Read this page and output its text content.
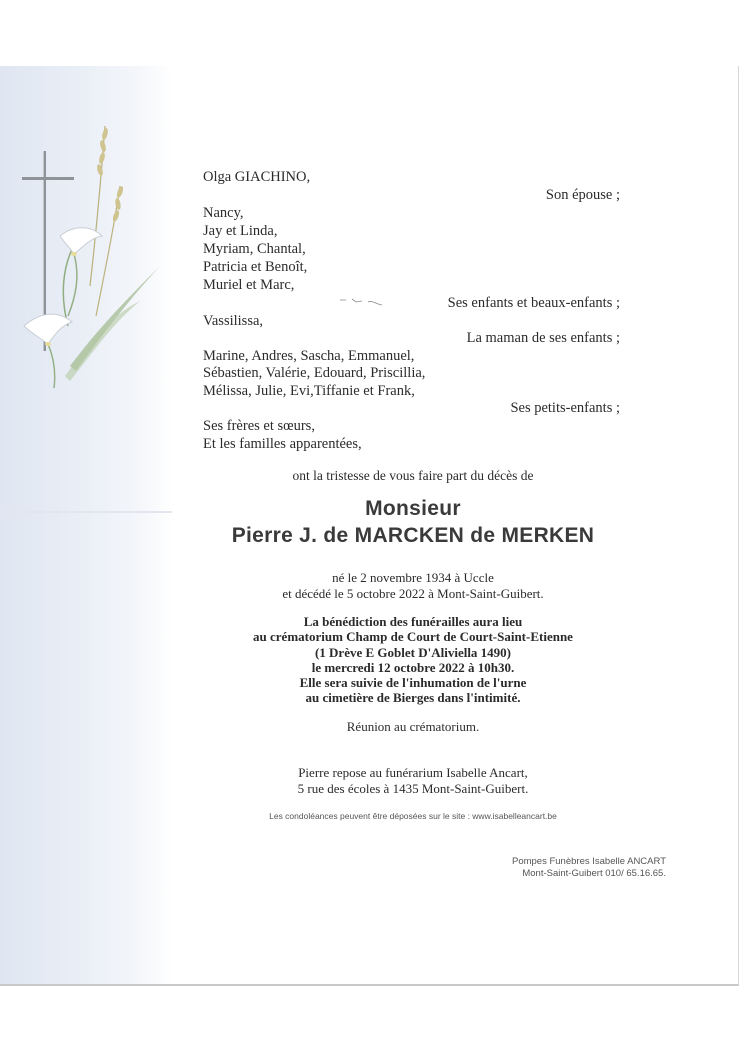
Olga GIACHINO,
Son épouse ;
Nancy,
Jay et Linda,
Myriam, Chantal,
Patricia et Benoît,
Muriel et Marc,
Ses enfants et beaux-enfants ;
Vassilissa,
La maman de ses enfants ;
Marine, Andres, Sascha, Emmanuel,
Sébastien, Valérie, Edouard, Priscillia,
Mélissa, Julie, Evi,Tiffanie et Frank,
Ses petits-enfants ;
Ses frères et sœurs,
Et les familles apparentées,
ont la tristesse de vous faire part du décès de
Monsieur
Pierre J. de MARCKEN de MERKEN
né le 2 novembre 1934 à Uccle
et décédé le 5 octobre 2022 à Mont-Saint-Guibert.
La bénédiction des funérailles aura lieu
au crématorium Champ de Court de Court-Saint-Etienne
(1 Drève E Goblet D'Aliviella 1490)
le mercredi 12 octobre 2022 à 10h30.
Elle sera suivie de l'inhumation de l'urne
au cimetière de Bierges dans l'intimité.
Réunion au crématorium.
Pierre repose au funérarium Isabelle Ancart,
5 rue des écoles à 1435 Mont-Saint-Guibert.
Les condoléances peuvent être déposées sur le site : www.isabelleancart.be
Pompes Funèbres Isabelle ANCART
Mont-Saint-Guibert 010/ 65.16.65.
